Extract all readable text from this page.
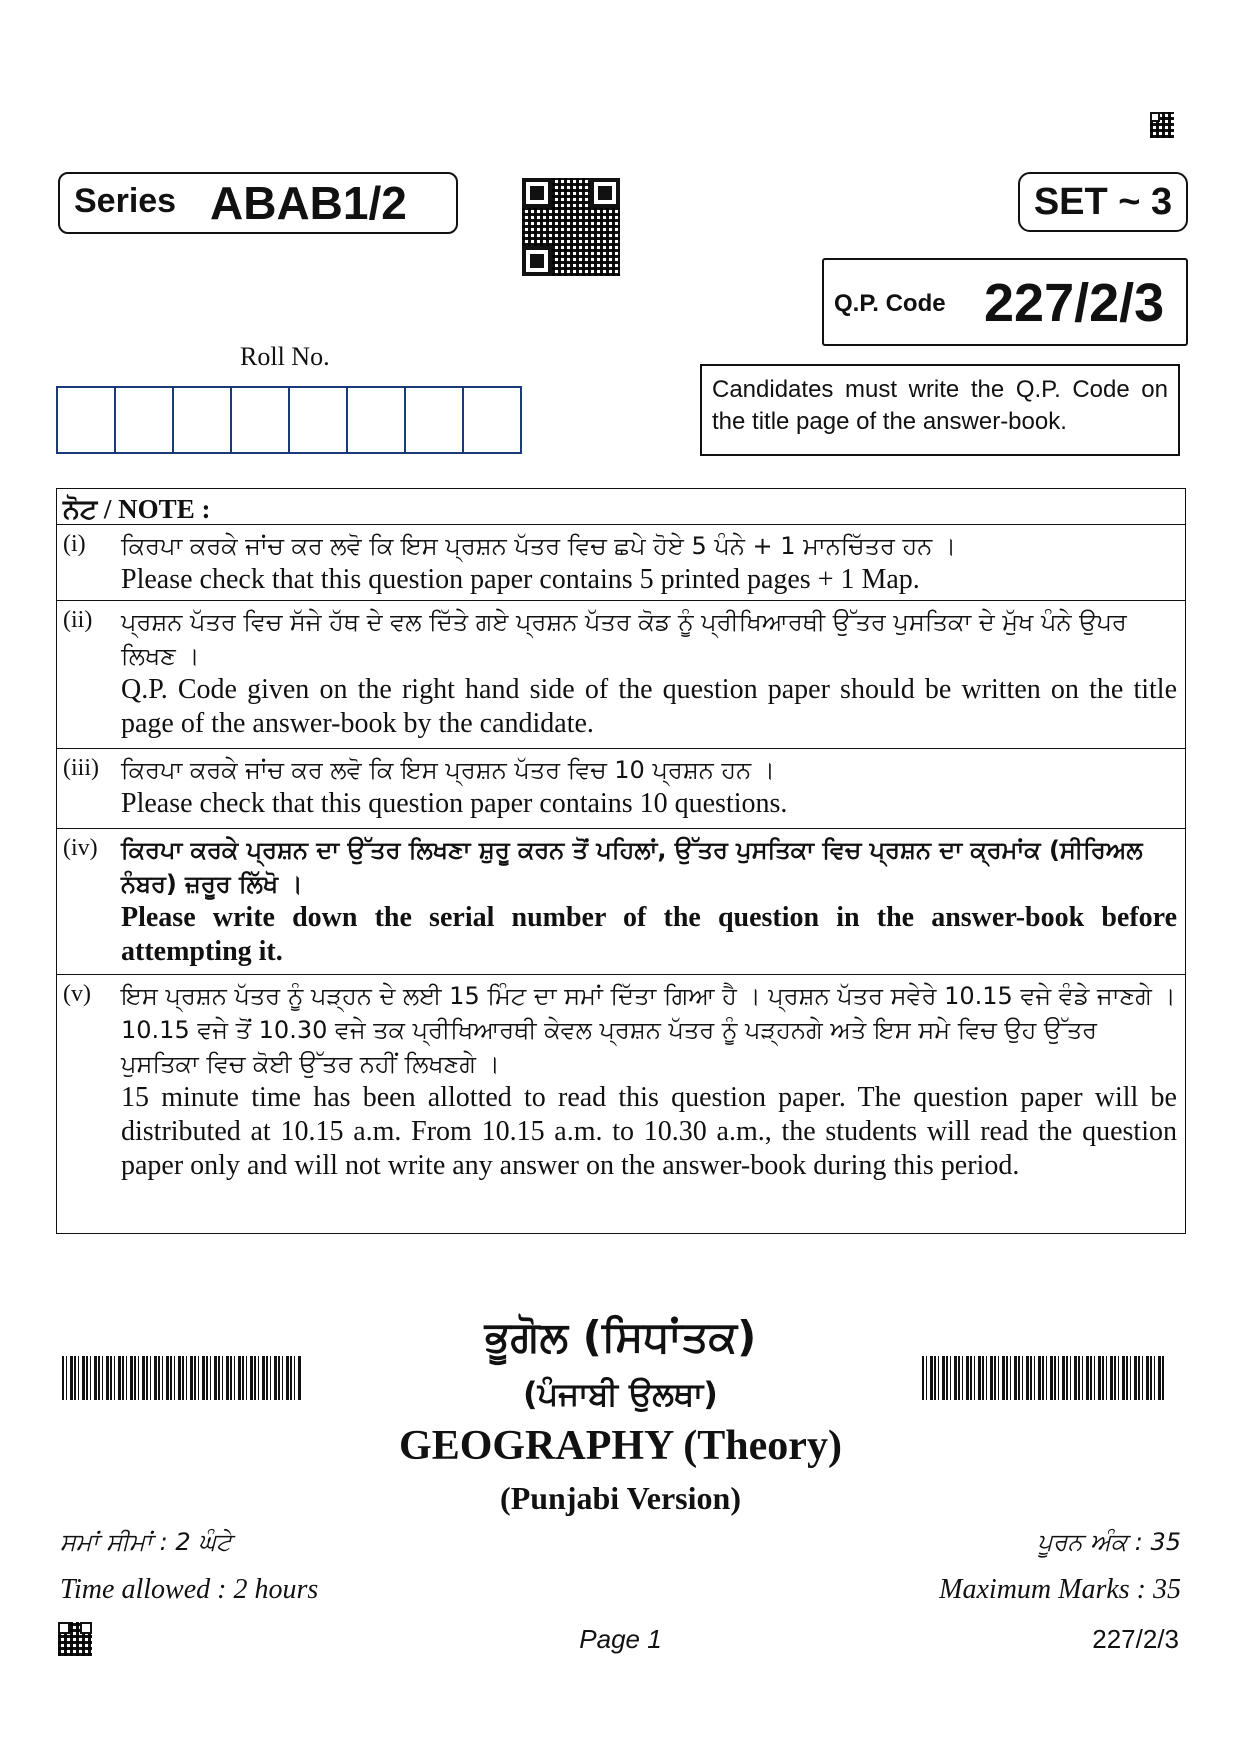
Series ABAB1/2	SET ~ 3
Q.P. Code 227/2/3
Roll No.
Candidates must write the Q.P. Code on the title page of the answer-book.
ਨੋਟ / NOTE :
(i) ਕਿਰਪਾ ਕਰਕੇ ਜਾਂਚ ਕਰ ਲਵੋ ਕਿ ਇਸ ਪ੍ਰਸ਼ਨ ਪੱਤਰ ਵਿਚ ਛਪੇ ਹੋਏ 5 ਪੰਨੇ + 1 ਮਾਨਚਿੱਤਰ ਹਨ ।
Please check that this question paper contains 5 printed pages + 1 Map.
(ii) ਪ੍ਰਸ਼ਨ ਪੱਤਰ ਵਿਚ ਸੱਜੇ ਹੱਥ ਦੇ ਵਲ ਦਿੱਤੇ ਗਏ ਪ੍ਰਸ਼ਨ ਪੱਤਰ ਕੋਡ ਨੂੰ ਪ੍ਰੀਖਿਆਰਥੀ ਉੱਤਰ ਪੁਸਤਿਕਾ ਦੇ ਮੁੱਖ ਪੰਨੇ ਉਪਰ ਲਿਖਣ ।
Q.P. Code given on the right hand side of the question paper should be written on the title page of the answer-book by the candidate.
(iii) ਕਿਰਪਾ ਕਰਕੇ ਜਾਂਚ ਕਰ ਲਵੋ ਕਿ ਇਸ ਪ੍ਰਸ਼ਨ ਪੱਤਰ ਵਿਚ 10 ਪ੍ਰਸ਼ਨ ਹਨ ।
Please check that this question paper contains 10 questions.
(iv) ਕਿਰਪਾ ਕਰਕੇ ਪ੍ਰਸ਼ਨ ਦਾ ਉੱਤਰ ਲਿਖਣਾ ਸ਼ੁਰੂ ਕਰਨ ਤੋਂ ਪਹਿਲਾਂ, ਉੱਤਰ ਪੁਸਤਿਕਾ ਵਿਚ ਪ੍ਰਸ਼ਨ ਦਾ ਕ੍ਰਮਾਂਕ (ਸੀਰਿਅਲ ਨੰਬਰ) ਜ਼ਰੂਰ ਲਿੱਖੋ ।
Please write down the serial number of the question in the answer-book before attempting it.
(v) ਇਸ ਪ੍ਰਸ਼ਨ ਪੱਤਰ ਨੂੰ ਪੜ੍ਹਨ ਦੇ ਲਈ 15 ਮਿੰਟ ਦਾ ਸਮਾਂ ਦਿੱਤਾ ਗਿਆ ਹੈ । ਪ੍ਰਸ਼ਨ ਪੱਤਰ ਸਵੇਰੇ 10.15 ਵਜੇ ਵੰਡੇ ਜਾਣਗੇ । 10.15 ਵਜੇ ਤੋਂ 10.30 ਵਜੇ ਤਕ ਪ੍ਰੀਖਿਆਰਥੀ ਕੇਵਲ ਪ੍ਰਸ਼ਨ ਪੱਤਰ ਨੂੰ ਪੜ੍ਹਨਗੇ ਅਤੇ ਇਸ ਸਮੇ ਵਿਚ ਉਹ ਉੱਤਰ ਪੁਸਤਿਕਾ ਵਿਚ ਕੋਈ ਉੱਤਰ ਨਹੀਂ ਲਿਖਣਗੇ ।
15 minute time has been allotted to read this question paper. The question paper will be distributed at 10.15 a.m. From 10.15 a.m. to 10.30 a.m., the students will read the question paper only and will not write any answer on the answer-book during this period.
ਭੂਗੋਲ (ਸਿਧਾਂਤਕ)
(ਪੰਜਾਬੀ ਉਲਥਾ)
GEOGRAPHY (Theory)
(Punjabi Version)
ਸਮਾਂ ਸੀਮਾਂ : 2 ਘੰਟੇ	ਪੂਰਨ ਅੰਕ : 35
Time allowed : 2 hours	Maximum Marks : 35
Page 1	227/2/3
